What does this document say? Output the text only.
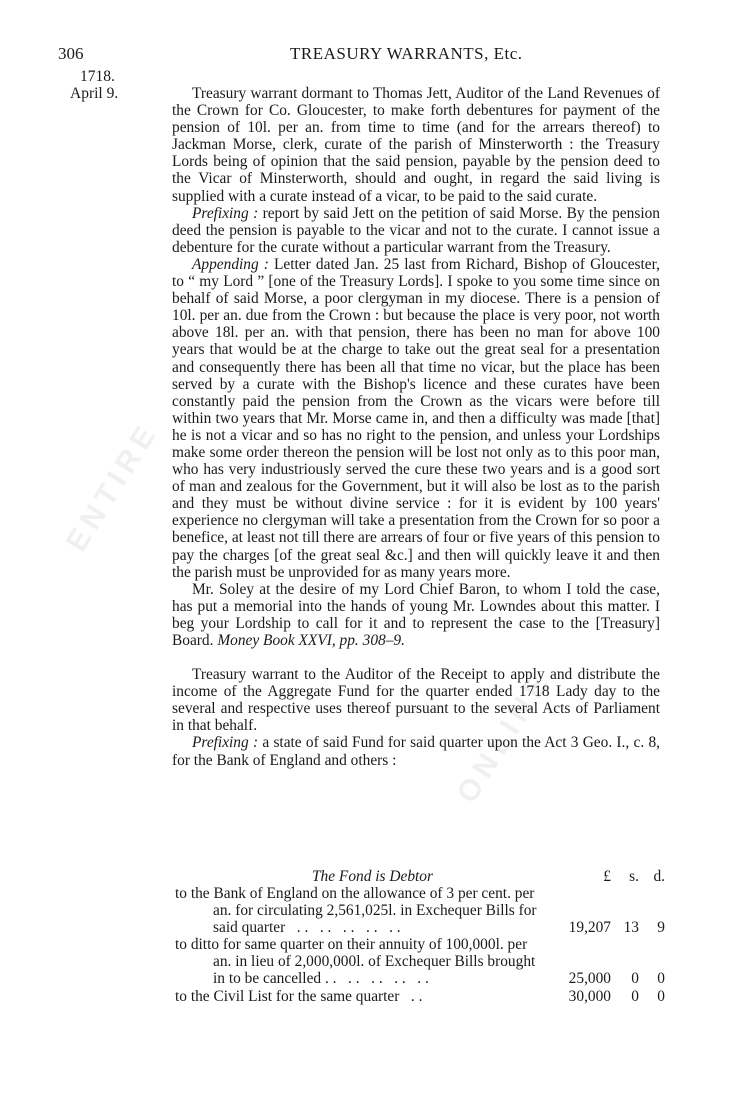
ENTIRE
ONLINE
306	TREASURY WARRANTS, Etc.
1718.
April 9.	Treasury warrant dormant to Thomas Jett, Auditor of the Land Revenues of the Crown for Co. Gloucester, to make forth debentures for payment of the pension of 10l. per an. from time to time (and for the arrears thereof) to Jackman Morse, clerk, curate of the parish of Minsterworth : the Treasury Lords being of opinion that the said pension, payable by the pension deed to the Vicar of Minsterworth, should and ought, in regard the said living is supplied with a curate instead of a vicar, to be paid to the said curate.

Prefixing : report by said Jett on the petition of said Morse. By the pension deed the pension is payable to the vicar and not to the curate. I cannot issue a debenture for the curate without a particular warrant from the Treasury.

Appending : Letter dated Jan. 25 last from Richard, Bishop of Gloucester, to “ my Lord ” [one of the Treasury Lords]. I spoke to you some time since on behalf of said Morse, a poor clergyman in my diocese. There is a pension of 10l. per an. due from the Crown : but because the place is very poor, not worth above 18l. per an. with that pension, there has been no man for above 100 years that would be at the charge to take out the great seal for a presentation and consequently there has been all that time no vicar, but the place has been served by a curate with the Bishop's licence and these curates have been constantly paid the pension from the Crown as the vicars were before till within two years that Mr. Morse came in, and then a difficulty was made [that] he is not a vicar and so has no right to the pension, and unless your Lordships make some order thereon the pension will be lost not only as to this poor man, who has very industriously served the cure these two years and is a good sort of man and zealous for the Government, but it will also be lost as to the parish and they must be without divine service : for it is evident by 100 years' experience no clergyman will take a presentation from the Crown for so poor a benefice, at least not till there are arrears of four or five years of this pension to pay the charges [of the great seal &c.] and then will quickly leave it and then the parish must be unprovided for as many years more.

Mr. Soley at the desire of my Lord Chief Baron, to whom I told the case, has put a memorial into the hands of young Mr. Lowndes about this matter. I beg your Lordship to call for it and to represent the case to the [Treasury] Board. Money Book XXVI, pp. 308–9.

Treasury warrant to the Auditor of the Receipt to apply and distribute the income of the Aggregate Fund for the quarter ended 1718 Lady day to the several and respective uses thereof pursuant to the several Acts of Parliament in that behalf.

Prefixing : a state of said Fund for said quarter upon the Act 3 Geo. I., c. 8, for the Bank of England and others :

The Fond is Debtor	£	s. d.
to the Bank of England on the allowance of 3 per cent. per an. for circulating 2,561,025l. in Exchequer Bills for said quarter   . .   . .   . .   . .   . .	19,207 13	9
to ditto for same quarter on their annuity of 100,000l. per an. in lieu of 2,000,000l. of Exchequer Bills brought in to be cancelled . .   . .   . .   . .   . .	25,000	0	0
to the Civil List for the same quarter   . .	30,000	0	0
